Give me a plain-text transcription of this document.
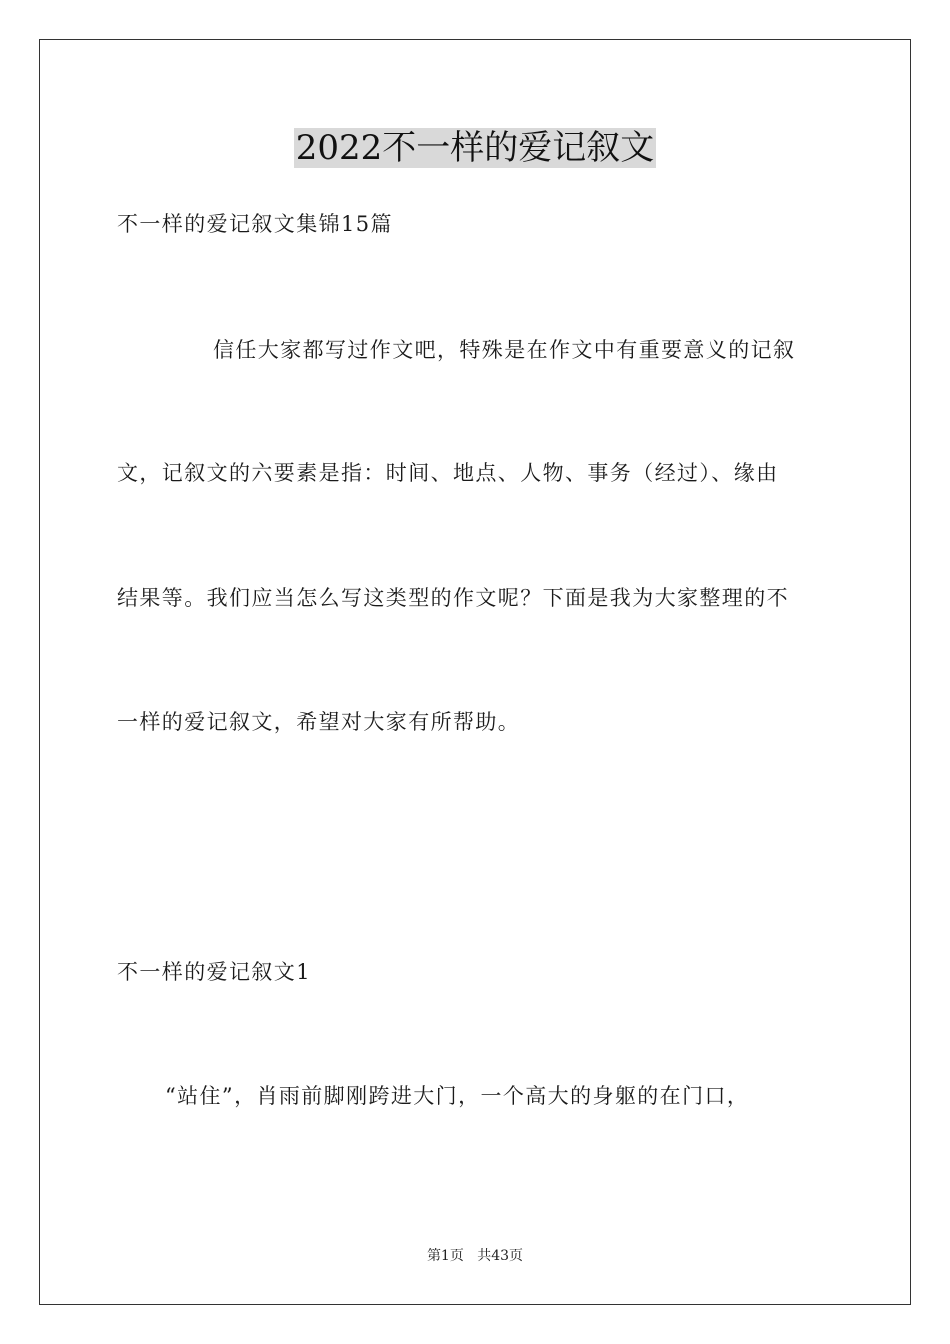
2022不一样的爱记叙文
不一样的爱记叙文集锦15篇
信任大家都写过作文吧，特殊是在作文中有重要意义的记叙
文，记叙文的六要素是指：时间、地点、人物、事务（经过）、缘由
结果等。我们应当怎么写这类型的作文呢？下面是我为大家整理的不
一样的爱记叙文，希望对大家有所帮助。
不一样的爱记叙文1
“站住”，肖雨前脚刚跨进大门，一个高大的身躯的在门口，
第1页 共43页
